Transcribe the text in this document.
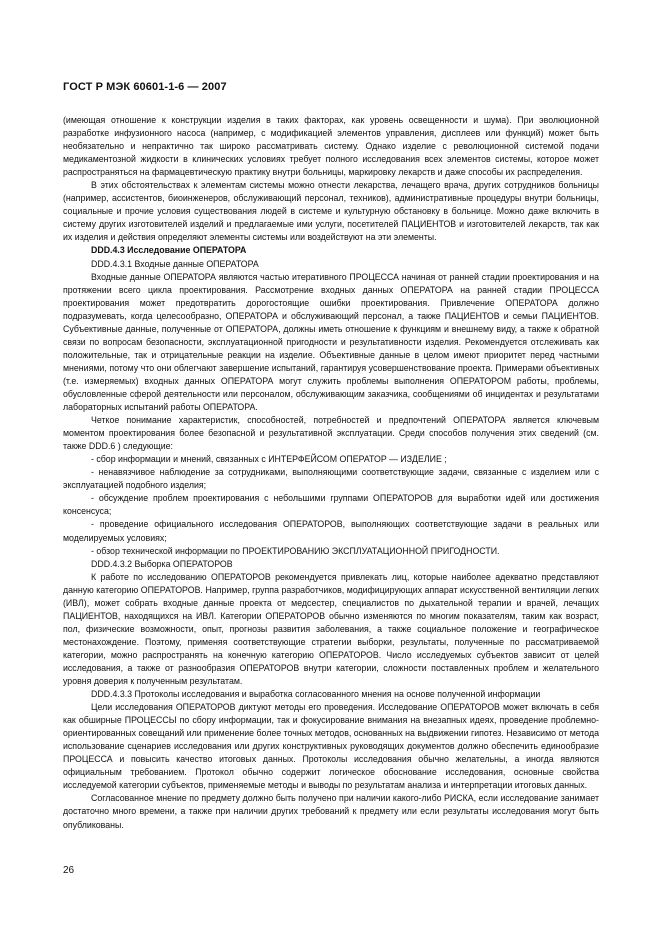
ГОСТ Р МЭК 60601-1-6 — 2007

(имеющая отношение к конструкции изделия в таких факторах, как уровень освещенности и шума). При эволюционной разработке инфузионного насоса (например, с модификацией элементов управления, дисплеев или функций) может быть необязательно и непрактично так широко рассматривать систему. Однако изделие с революционной системой подачи медикаментозной жидкости в клинических условиях требует полного исследования всех элементов системы, которое может распространяться на фармацевтическую практику внутри больницы, маркировку лекарств и даже способы их распределения.

В этих обстоятельствах к элементам системы можно отнести лекарства, лечащего врача, других сотрудников больницы (например, ассистентов, биоинженеров, обслуживающий персонал, техников), административные процедуры внутри больницы, социальные и прочие условия существования людей в системе и культурную обстановку в больнице. Можно даже включить в систему других изготовителей изделий и предлагаемые ими услуги, посетителей ПАЦИЕНТОВ и изготовителей лекарств, так как их изделия и действия определяют элементы системы или воздействуют на эти элементы.

DDD.4.3 Исследование ОПЕРАТОРА

DDD.4.3.1 Входные данные ОПЕРАТОРА

Входные данные ОПЕРАТОРА являются частью итеративного ПРОЦЕССА начиная от ранней стадии проектирования и на протяжении всего цикла проектирования. Рассмотрение входных данных ОПЕРАТОРА на ранней стадии ПРОЦЕССА проектирования может предотвратить дорогостоящие ошибки проектирования. Привлечение ОПЕРАТОРА должно подразумевать, когда целесообразно, ОПЕРАТОРА и обслуживающий персонал, а также ПАЦИЕНТОВ и семьи ПАЦИЕНТОВ. Субъективные данные, полученные от ОПЕРАТОРА, должны иметь отношение к функциям и внешнему виду, а также к обратной связи по вопросам безопасности, эксплуатационной пригодности и результативности изделия. Рекомендуется отслеживать как положительные, так и отрицательные реакции на изделие. Объективные данные в целом имеют приоритет перед частными мнениями, потому что они облегчают завершение испытаний, гарантируя усовершенствование проекта. Примерами объективных (т.е. измеряемых) входных данных ОПЕРАТОРА могут служить проблемы выполнения ОПЕРАТОРОМ работы, проблемы, обусловленные сферой деятельности или персоналом, обслуживающим заказчика, сообщениями об инцидентах и результатами лабораторных испытаний работы ОПЕРАТОРА.

Четкое понимание характеристик, способностей, потребностей и предпочтений ОПЕРАТОРА является ключевым моментом проектирования более безопасной и результативной эксплуатации. Среди способов получения этих сведений (см. также DDD.6 ) следующие:

- сбор информации и мнений, связанных с ИНТЕРФЕЙСОМ ОПЕРАТОР — ИЗДЕЛИЕ ;

- ненавязчивое наблюдение за сотрудниками, выполняющими соответствующие задачи, связанные с изделием или с эксплуатацией подобного изделия;

- обсуждение проблем проектирования с небольшими группами ОПЕРАТОРОВ для выработки идей или достижения консенсуса;

- проведение официального исследования ОПЕРАТОРОВ, выполняющих соответствующие задачи в реальных или моделируемых условиях;

- обзор технической информации по ПРОЕКТИРОВАНИЮ ЭКСПЛУАТАЦИОННОЙ ПРИГОДНОСТИ.

DDD.4.3.2 Выборка ОПЕРАТОРОВ

К работе по исследованию ОПЕРАТОРОВ рекомендуется привлекать лиц, которые наиболее адекватно представляют данную категорию ОПЕРАТОРОВ. Например, группа разработчиков, модифицирующих аппарат искусственной вентиляции легких (ИВЛ), может собрать входные данные проекта от медсестер, специалистов по дыхательной терапии и врачей, лечащих ПАЦИЕНТОВ, находящихся на ИВЛ. Категории ОПЕРАТОРОВ обычно изменяются по многим показателям, таким как возраст, пол, физические возможности, опыт, прогнозы развития заболевания, а также социальное положение и географическое местонахождение. Поэтому, применяя соответствующие стратегии выборки, результаты, полученные по рассматриваемой категории, можно распространять на конечную категорию ОПЕРАТОРОВ. Число исследуемых субъектов зависит от целей исследования, а также от разнообразия ОПЕРАТОРОВ внутри категории, сложности поставленных проблем и желательного уровня доверия к полученным результатам.

DDD.4.3.3 Протоколы исследования и выработка согласованного мнения на основе полученной информации

Цели исследования ОПЕРАТОРОВ диктуют методы его проведения. Исследование ОПЕРАТОРОВ может включать в себя как обширные ПРОЦЕССЫ по сбору информации, так и фокусирование внимания на внезапных идеях, проведение проблемно-ориентированных совещаний или применение более точных методов, основанных на выдвижении гипотез. Независимо от метода использование сценариев исследования или других конструктивных руководящих документов должно обеспечить единообразие ПРОЦЕССА и повысить качество итоговых данных. Протоколы исследования обычно желательны, а иногда являются официальным требованием. Протокол обычно содержит логическое обоснование исследования, основные свойства исследуемой категории субъектов, применяемые методы и выводы по результатам анализа и интерпретации итоговых данных.

Согласованное мнение по предмету должно быть получено при наличии какого-либо РИСКА, если исследование занимает достаточно много времени, а также при наличии других требований к предмету или если результаты исследования могут быть опубликованы.

26
